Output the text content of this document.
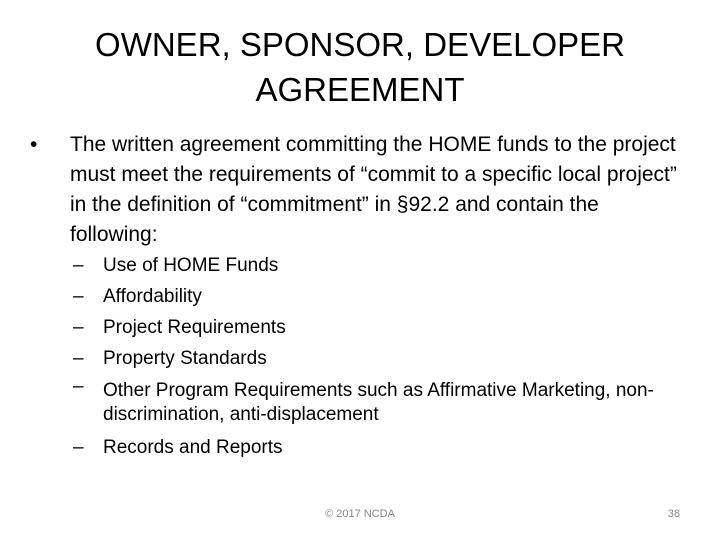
OWNER, SPONSOR, DEVELOPER
AGREEMENT
• The written agreement committing the HOME funds to the project must meet the requirements of “commit to a specific local project” in the definition of “commitment” in §92.2 and contain the following:
– Use of HOME Funds
– Affordability
– Project Requirements
– Property Standards
– Other Program Requirements such as Affirmative Marketing, non-discrimination, anti-displacement
– Records and Reports
© 2017 NCDA	38
